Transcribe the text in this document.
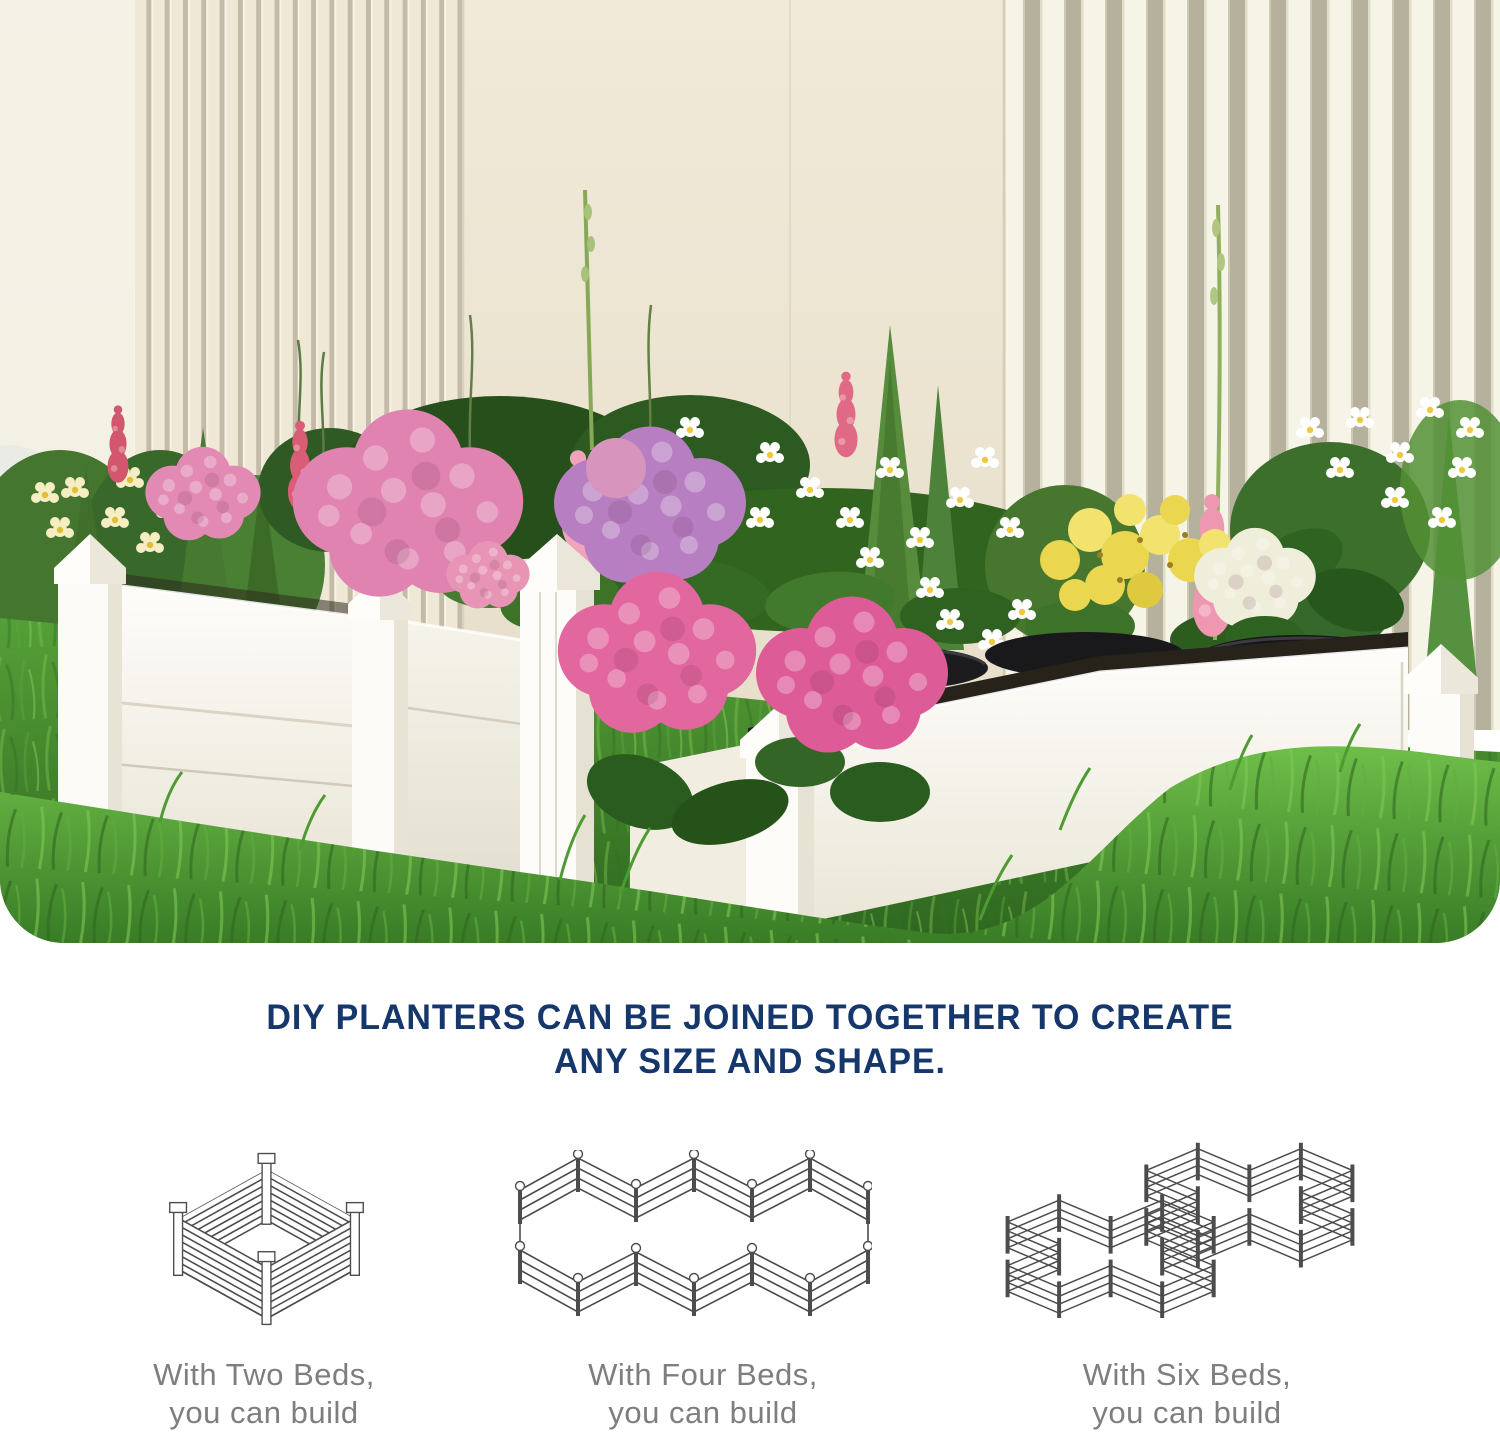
DIY PLANTERS CAN BE JOINED TOGETHER TO CREATE
ANY SIZE AND SHAPE.
With Two Beds,
you can build
With Four Beds,
you can build
With Six Beds,
you can build
